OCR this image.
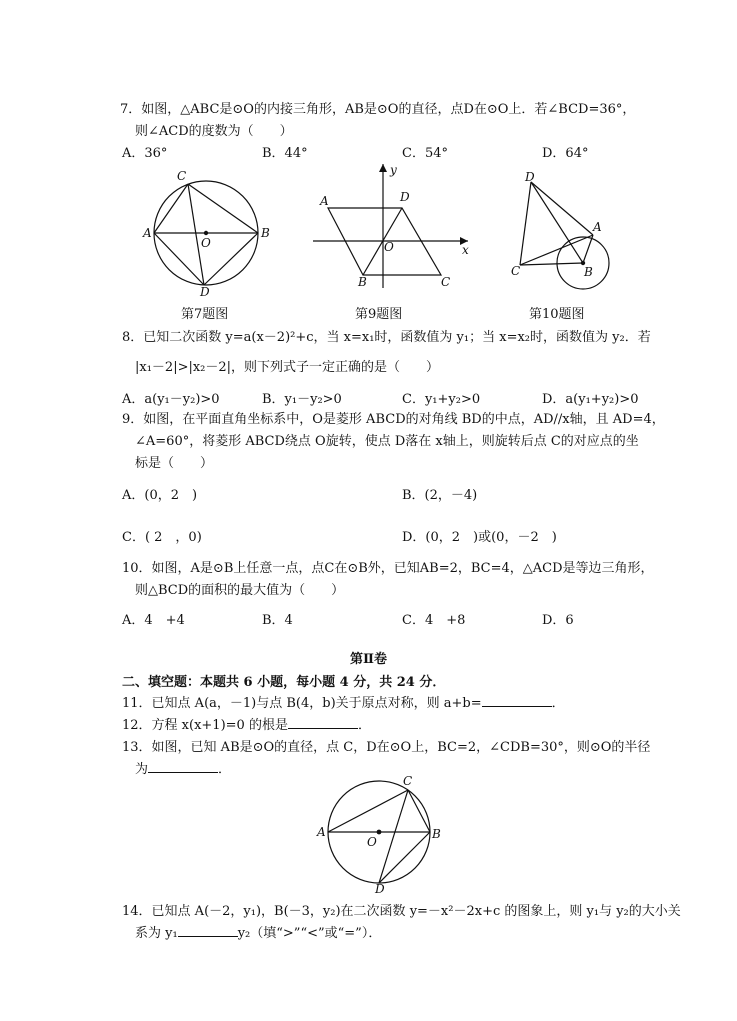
7．如图，△ABC是⊙O的内接三角形，AB是⊙O的直径，点D在⊙O上．若∠BCD=36°，
则∠ACD的度数为（　　）
A．36°	B．44°	C．54°	D．64°
C
A	B
O
D
第7题图
y
x
A	D
O
B	C
第9题图
D
A
C	B
第10题图
8．已知二次函数 y=a(x－2)²+c，当 x=x₁时，函数值为 y₁；当 x=x₂时，函数值为 y₂．若
|x₁－2|>|x₂－2|，则下列式子一定正确的是（　　）
A．a(y₁－y₂)>0	B．y₁－y₂>0	C．y₁+y₂>0	D．a(y₁+y₂)>0
9．如图，在平面直角坐标系中，O是菱形 ABCD的对角线 BD的中点，AD//x轴，且 AD=4，
∠A=60°，将菱形 ABCD绕点 O旋转，使点 D落在 x轴上，则旋转后点 C的对应点的坐
标是（　　）
A．(0，2　)	B．(2，－4)
C．( 2　，0)	D．(0，2　)或(0，－2　)
10．如图，A是⊙B上任意一点，点C在⊙B外，已知AB=2，BC=4，△ACD是等边三角形，
则△BCD的面积的最大值为（　　）
A．4　+4	B．4	C．4　+8	D．6
第Ⅱ卷
二、填空题：本题共 6 小题，每小题 4 分，共 24 分．
11．已知点 A(a，－1)与点 B(4，b)关于原点对称，则 a+b=	．
12．方程 x(x+1)=0 的根是	．
13．如图，已知 AB是⊙O的直径，点 C，D在⊙O上，BC=2，∠CDB=30°，则⊙O的半径
为	．
C
A	B
O
D
14．已知点 A(－2，y₁)，B(－3，y₂)在二次函数 y=－x²－2x+c 的图象上，则 y₁与 y₂的大小关
系为 y₁	y₂（填“>”“<”或“=”）．
